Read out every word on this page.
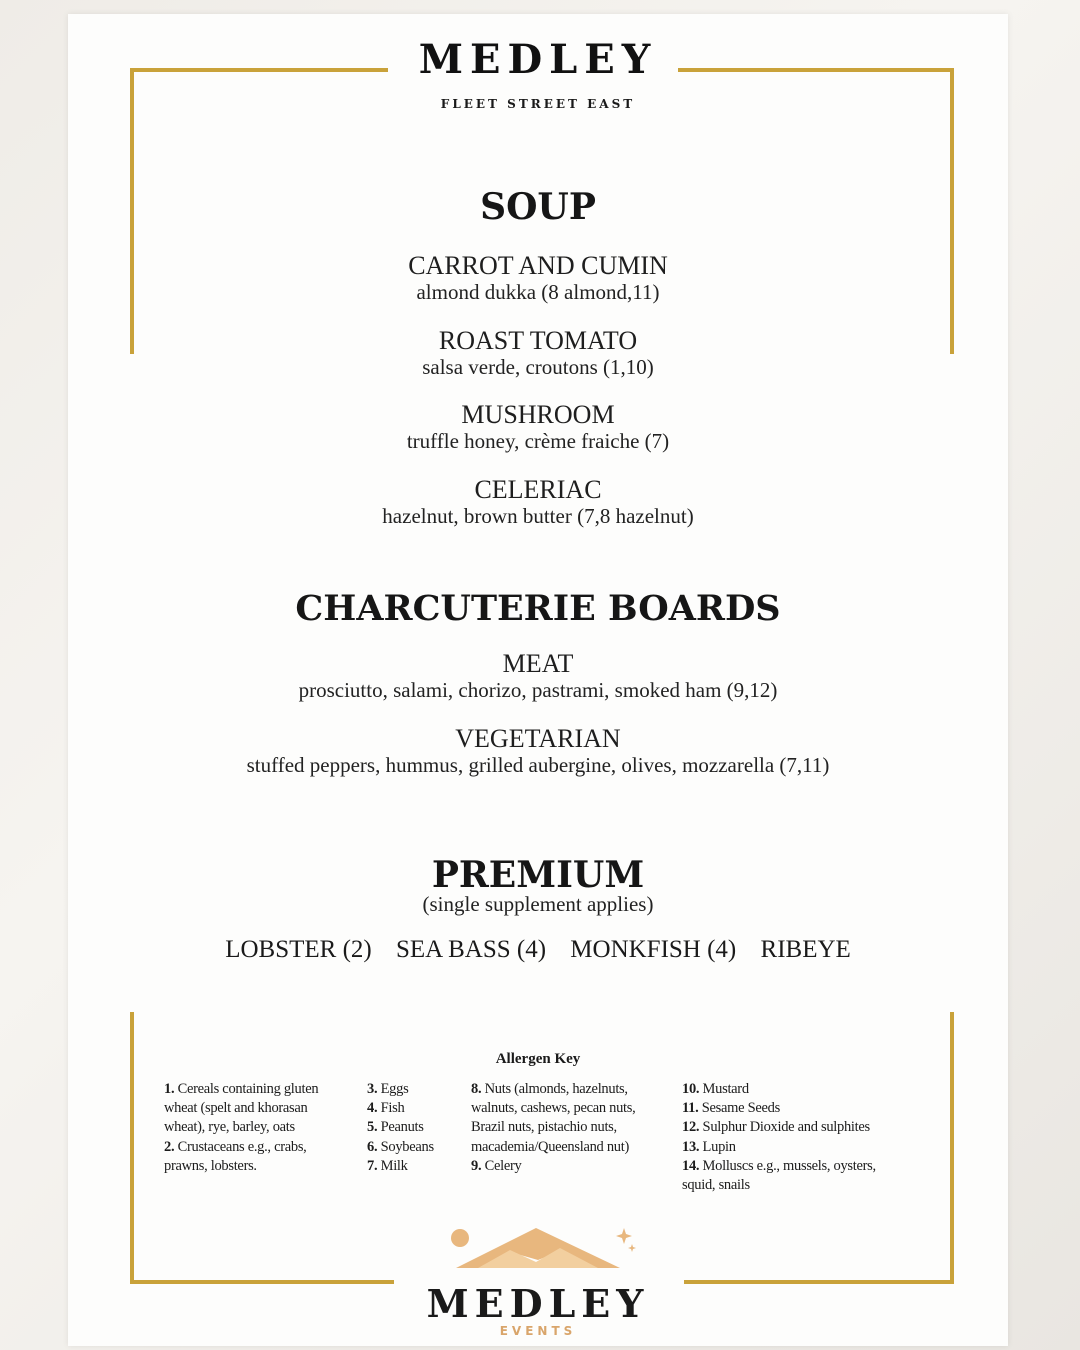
MEDLEY
FLEET STREET EAST
SOUP
CARROT AND CUMIN
almond dukka (8 almond,11)
ROAST TOMATO
salsa verde, croutons (1,10)
MUSHROOM
truffle honey, crème fraiche (7)
CELERIAC
hazelnut, brown butter (7,8 hazelnut)
CHARCUTERIE BOARDS
MEAT
prosciutto, salami, chorizo, pastrami, smoked ham (9,12)
VEGETARIAN
stuffed peppers, hummus, grilled aubergine, olives, mozzarella (7,11)
PREMIUM
(single supplement applies)
LOBSTER (2) SEA BASS (4) MONKFISH (4) RIBEYE
Allergen Key
1. Cereals containing gluten
wheat (spelt and khorasan
wheat), rye, barley, oats
2. Crustaceans e.g., crabs,
prawns, lobsters.
3. Eggs
4. Fish
5. Peanuts
6. Soybeans
7. Milk
8. Nuts (almonds, hazelnuts,
walnuts, cashews, pecan nuts,
Brazil nuts, pistachio nuts,
macademia/Queensland nut)
9. Celery
10. Mustard
11. Sesame Seeds
12. Sulphur Dioxide and sulphites
13. Lupin
14. Molluscs e.g., mussels, oysters,
squid, snails
MEDLEY
EVENTS
